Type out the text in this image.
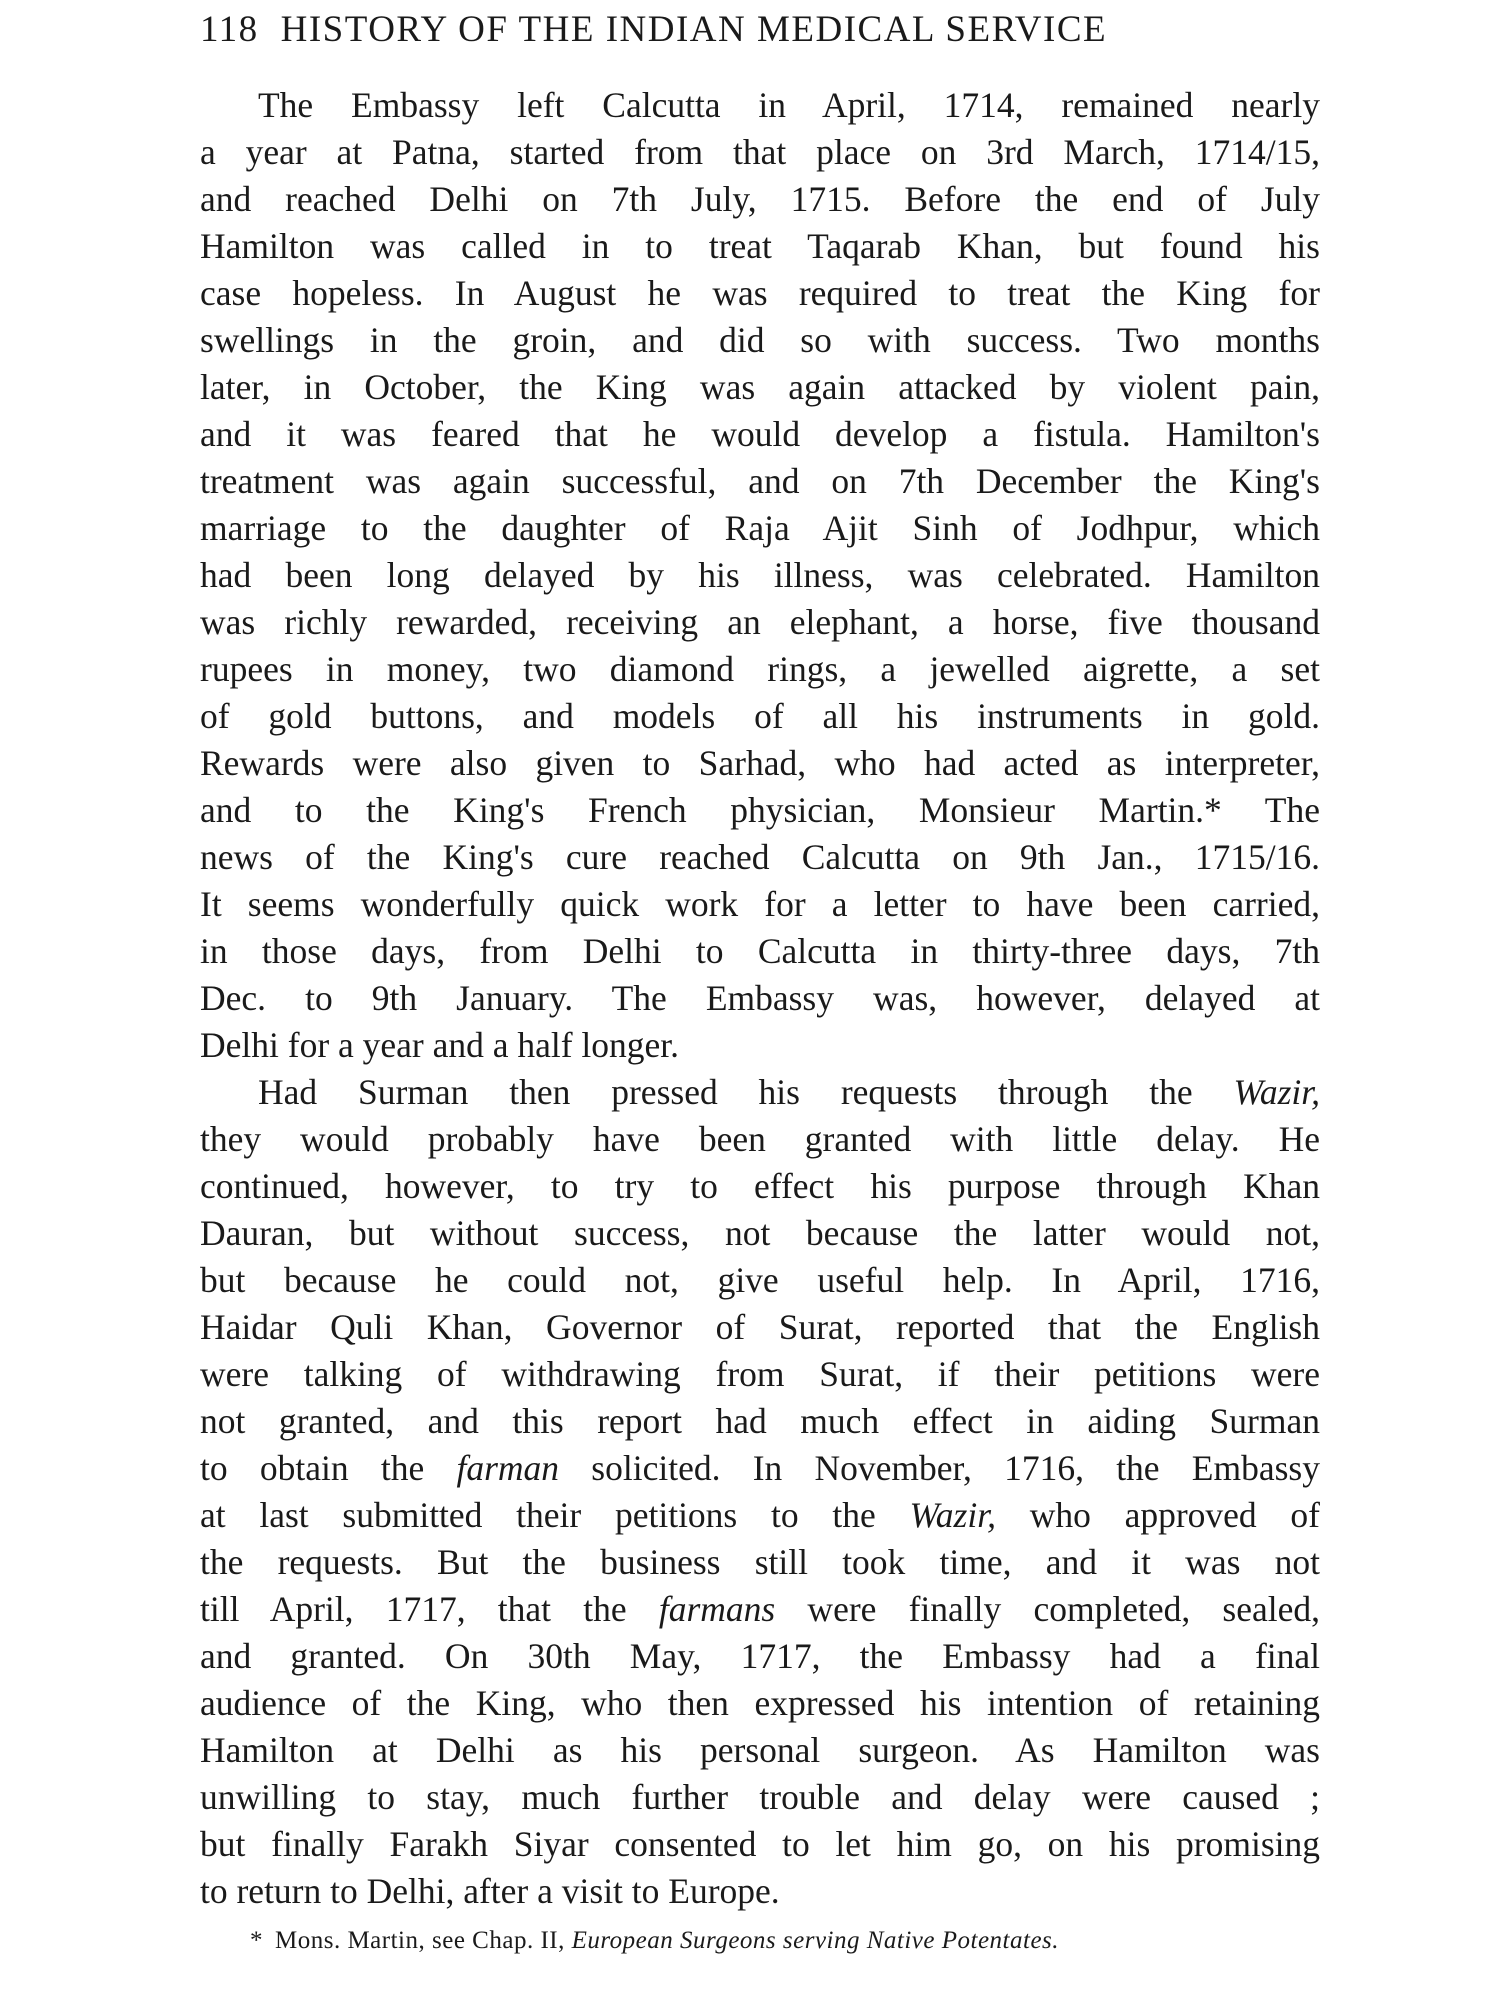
118 HISTORY OF THE INDIAN MEDICAL SERVICE
The Embassy left Calcutta in April, 1714, remained nearly
a year at Patna, started from that place on 3rd March, 1714/15,
and reached Delhi on 7th July, 1715. Before the end of July
Hamilton was called in to treat Taqarab Khan, but found his
case hopeless. In August he was required to treat the King for
swellings in the groin, and did so with success. Two months
later, in October, the King was again attacked by violent pain,
and it was feared that he would develop a fistula. Hamilton's
treatment was again successful, and on 7th December the King's
marriage to the daughter of Raja Ajit Sinh of Jodhpur, which
had been long delayed by his illness, was celebrated. Hamilton
was richly rewarded, receiving an elephant, a horse, five thousand
rupees in money, two diamond rings, a jewelled aigrette, a set
of gold buttons, and models of all his instruments in gold.
Rewards were also given to Sarhad, who had acted as interpreter,
and to the King's French physician, Monsieur Martin.* The
news of the King's cure reached Calcutta on 9th Jan., 1715/16.
It seems wonderfully quick work for a letter to have been carried,
in those days, from Delhi to Calcutta in thirty-three days, 7th
Dec. to 9th January. The Embassy was, however, delayed at
Delhi for a year and a half longer.
Had Surman then pressed his requests through the Wazir,
they would probably have been granted with little delay. He
continued, however, to try to effect his purpose through Khan
Dauran, but without success, not because the latter would not,
but because he could not, give useful help. In April, 1716,
Haidar Quli Khan, Governor of Surat, reported that the English
were talking of withdrawing from Surat, if their petitions were
not granted, and this report had much effect in aiding Surman
to obtain the farman solicited. In November, 1716, the Embassy
at last submitted their petitions to the Wazir, who approved of
the requests. But the business still took time, and it was not
till April, 1717, that the farmans were finally completed, sealed,
and granted. On 30th May, 1717, the Embassy had a final
audience of the King, who then expressed his intention of retaining
Hamilton at Delhi as his personal surgeon. As Hamilton was
unwilling to stay, much further trouble and delay were caused ;
but finally Farakh Siyar consented to let him go, on his promising
to return to Delhi, after a visit to Europe.
* Mons. Martin, see Chap. II, European Surgeons serving Native Potentates.
